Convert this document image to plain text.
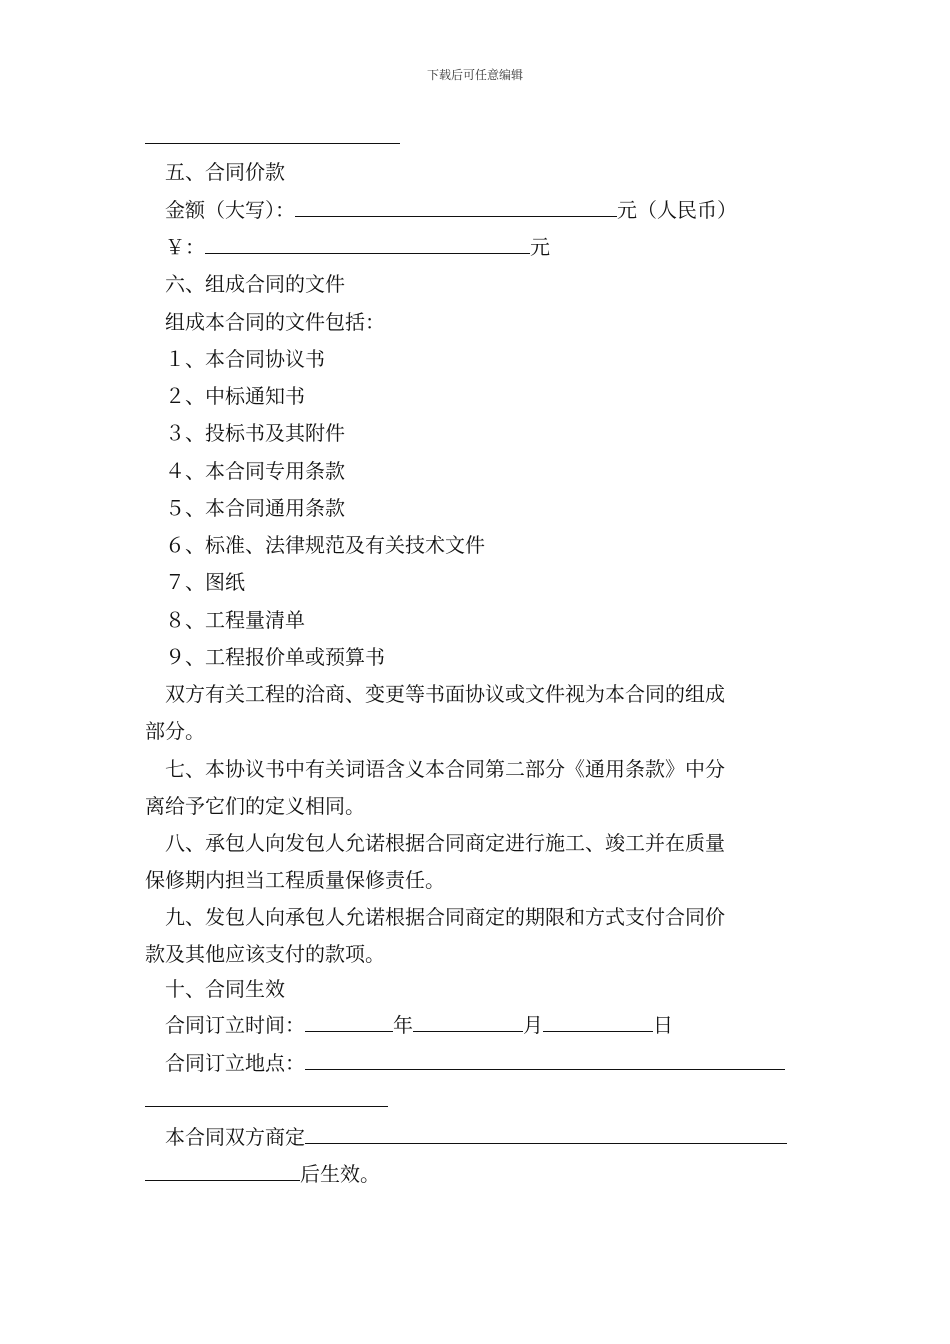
下载后可任意编辑
五、合同价款
金额（大写）：	元（人民币）
￥：	元
六、组成合同的文件
组成本合同的文件包括：
１、本合同协议书
２、中标通知书
３、投标书及其附件
４、本合同专用条款
５、本合同通用条款
６、标准、法律规范及有关技术文件
７、图纸
８、工程量清单
９、工程报价单或预算书
双方有关工程的洽商、变更等书面协议或文件视为本合同的组成
部分。
七、本协议书中有关词语含义本合同第二部分《通用条款》中分
离给予它们的定义相同。
八、承包人向发包人允诺根据合同商定进行施工、竣工并在质量
保修期内担当工程质量保修责任。
九、发包人向承包人允诺根据合同商定的期限和方式支付合同价
款及其他应该支付的款项。
十、合同生效
合同订立时间：	年	月	日
合同订立地点：
本合同双方商定
后生效。
